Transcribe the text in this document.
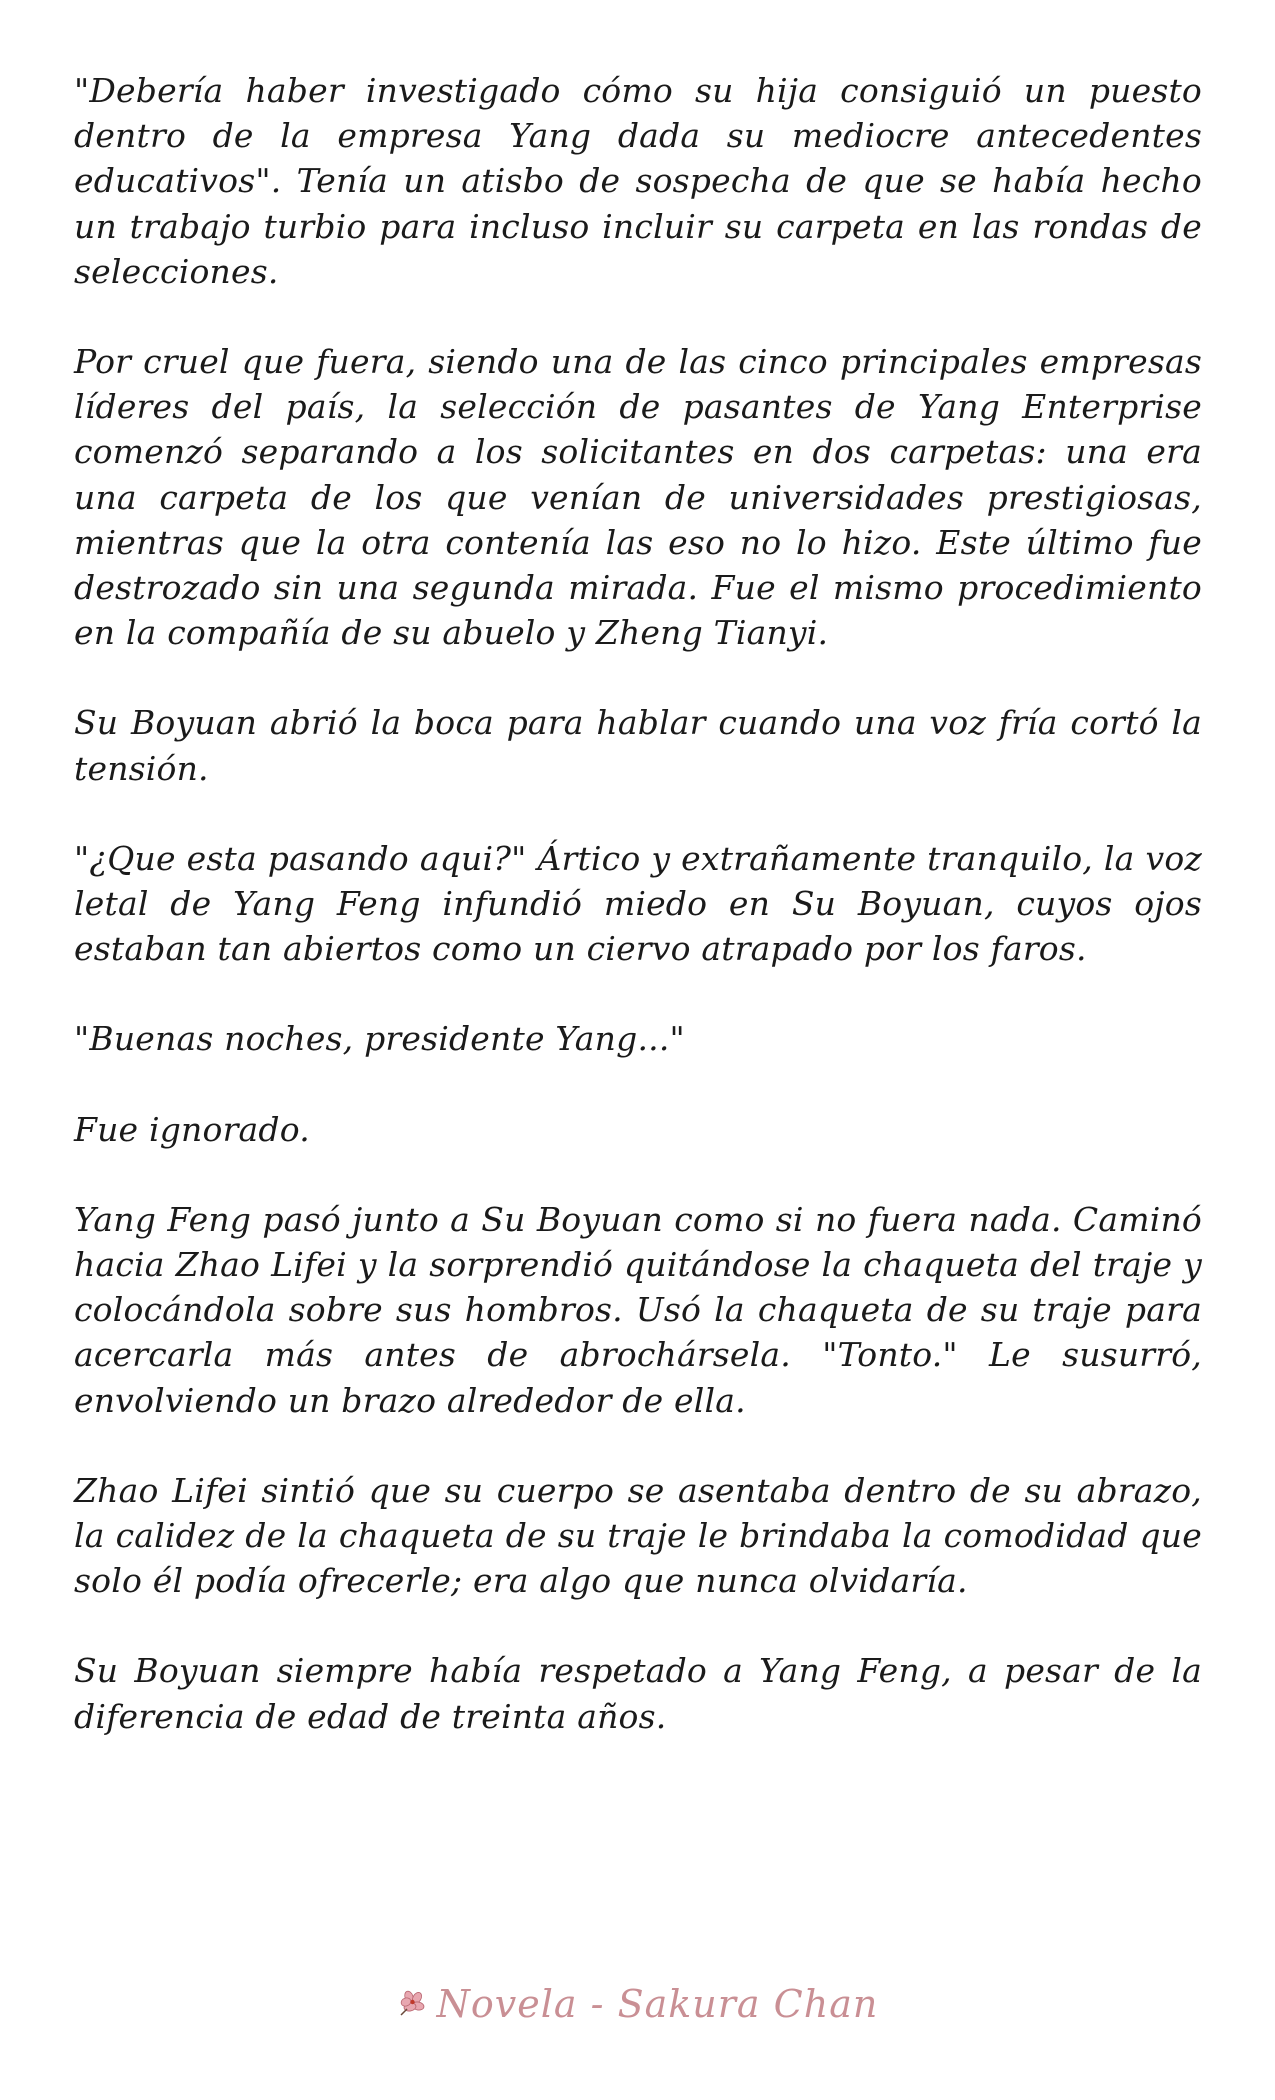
"Debería haber investigado cómo su hija consiguió un puesto dentro de la empresa Yang dada su mediocre antecedentes educativos". Tenía un atisbo de sospecha de que se había hecho un trabajo turbio para incluso incluir su carpeta en las rondas de selecciones.

Por cruel que fuera, siendo una de las cinco principales empresas líderes del país, la selección de pasantes de Yang Enterprise comenzó separando a los solicitantes en dos carpetas: una era una carpeta de los que venían de universidades prestigiosas, mientras que la otra contenía las eso no lo hizo. Este último fue destrozado sin una segunda mirada. Fue el mismo procedimiento en la compañía de su abuelo y Zheng Tianyi.

Su Boyuan abrió la boca para hablar cuando una voz fría cortó la tensión.

"¿Que esta pasando aqui?" Ártico y extrañamente tranquilo, la voz letal de Yang Feng infundió miedo en Su Boyuan, cuyos ojos estaban tan abiertos como un ciervo atrapado por los faros.

"Buenas noches, presidente Yang..."

Fue ignorado.

Yang Feng pasó junto a Su Boyuan como si no fuera nada. Caminó hacia Zhao Lifei y la sorprendió quitándose la chaqueta del traje y colocándola sobre sus hombros. Usó la chaqueta de su traje para acercarla más antes de abrochársela. "Tonto." Le susurró, envolviendo un brazo alrededor de ella.

Zhao Lifei sintió que su cuerpo se asentaba dentro de su abrazo, la calidez de la chaqueta de su traje le brindaba la comodidad que solo él podía ofrecerle; era algo que nunca olvidaría.

Su Boyuan siempre había respetado a Yang Feng, a pesar de la diferencia de edad de treinta años.

Novela - Sakura Chan
